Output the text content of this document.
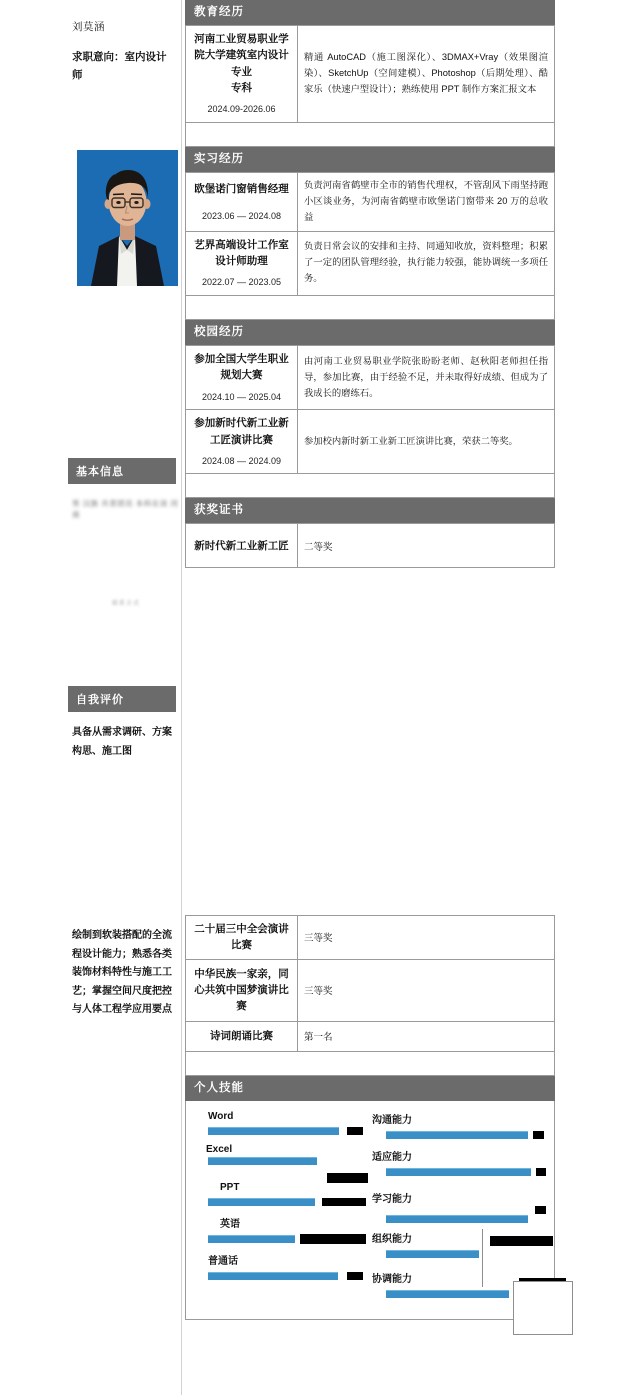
刘莫涵
求职意向：室内设计师
基本信息
男 汉族 共青团员 本科在读 河南
联系方式
自我评价
具备从需求调研、方案构思、施工图
绘制到软装搭配的全流程设计能力；熟悉各类装饰材料特性与施工工艺；掌握空间尺度把控与人体工程学应用要点
教育经历
河南工业贸易职业学院大学建筑室内设计专业
专科	精通 AutoCAD（施工图深化）、3DMAX+Vray（效果图渲染）、SketchUp（空间建模）、Photoshop（后期处理）、酷家乐（快速户型设计）；熟练使用 PPT 制作方案汇报文本
2024.09-2026.06

实习经历
欧堡诺门窗销售经理	负责河南省鹤壁市全市的销售代理权，不管刮风下雨坚持跑小区谈业务，为河南省鹤壁市欧堡诺门窗带来 20 万的总收益
2023.06 — 2024.08	
艺界高端设计工作室设计师助理	负责日常会议的安排和主持、同通知收放，资料整理；积累了一定的团队管理经验，执行能力较强，能协调统一多项任务。
2022.07 — 2023.05	

校园经历
参加全国大学生职业规划大赛	由河南工业贸易职业学院张盼盼老师、赵秋阳老师担任指导，参加比赛，由于经验不足，并未取得好成绩、但成为了我成长的磨练石。
2024.10 — 2025.04	
参加新时代新工业新工匠演讲比赛	参加校内新时新工业新工匠演讲比赛，荣获二等奖。
2024.08 — 2024.09	

获奖证书
新时代新工业新工匠	二等奖
二十届三中全会演讲比赛	三等奖
中华民族一家亲，同心共筑中国梦演讲比赛	三等奖
诗词朗诵比赛	第一名

个人技能
Word
Excel
PPT
英语
普通话
沟通能力
适应能力
学习能力
组织能力
协调能力
